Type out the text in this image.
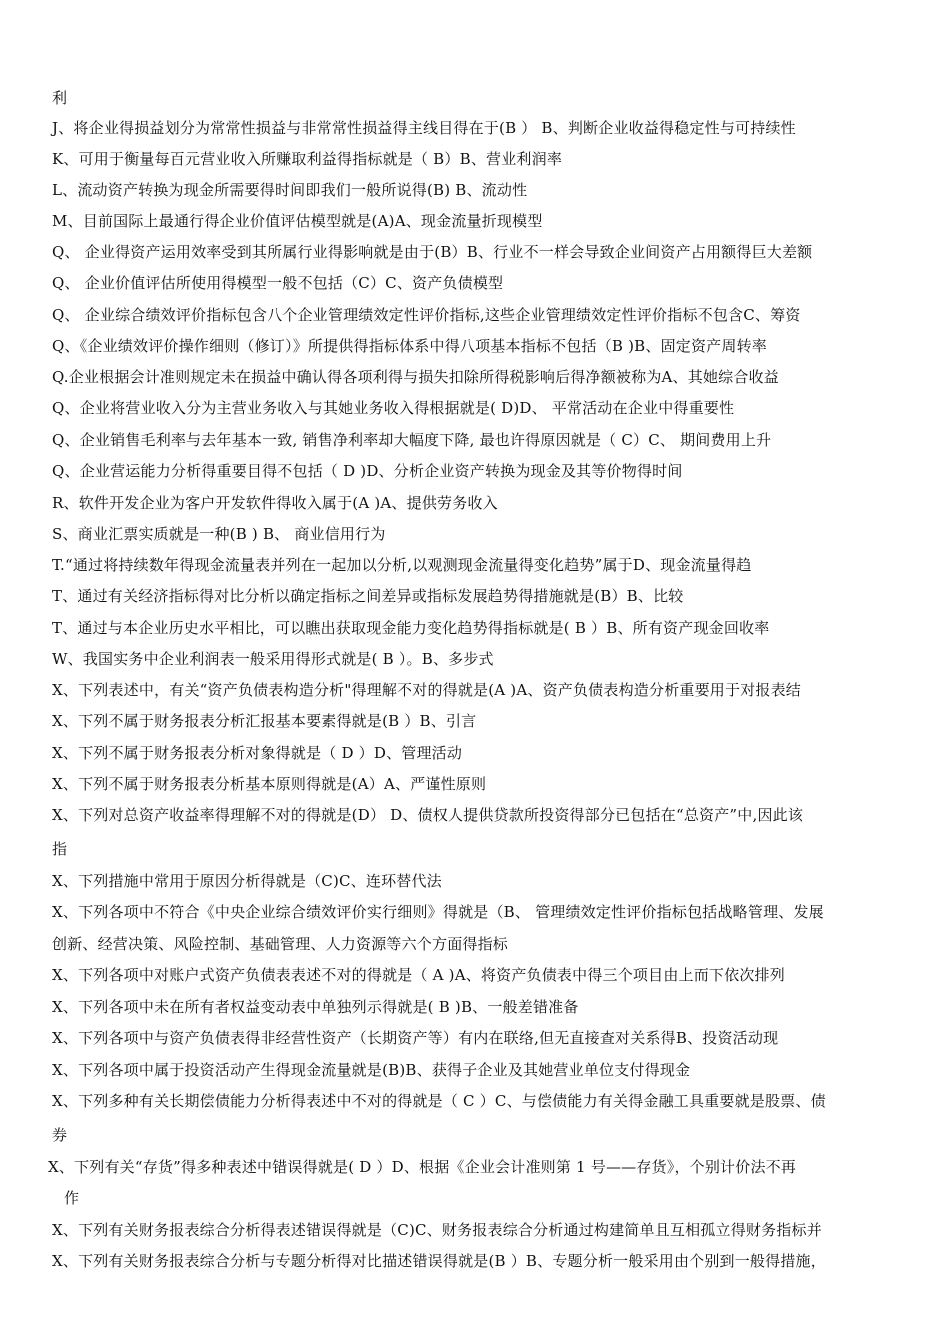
利
J、将企业得损益划分为常常性损益与非常常性损益得主线目得在于(B ） B、判断企业收益得稳定性与可持续性
K、可用于衡量每百元营业收入所赚取利益得指标就是（ B）B、营业利润率
L、流动资产转换为现金所需要得时间即我们一般所说得(B) B、流动性
M、目前国际上最通行得企业价值评估模型就是(A)A、现金流量折现模型
Q、 企业得资产运用效率受到其所属行业得影响就是由于(B）B、行业不一样会导致企业间资产占用额得巨大差额
Q、 企业价值评估所使用得模型一般不包括（C）C、资产负债模型
Q、 企业综合绩效评价指标包含八个企业管理绩效定性评价指标,这些企业管理绩效定性评价指标不包含C、筹资
Q、《企业绩效评价操作细则（修订）》所提供得指标体系中得八项基本指标不包括（B )B、固定资产周转率
Q.企业根据会计准则规定未在损益中确认得各项利得与损失扣除所得税影响后得净额被称为A、其她综合收益
Q、企业将营业收入分为主营业务收入与其她业务收入得根据就是( D)D、 平常活动在企业中得重要性
Q、企业销售毛利率与去年基本一致, 销售净利率却大幅度下降, 最也许得原因就是（ C）C、 期间费用上升
Q、企业营运能力分析得重要目得不包括（ D )D、分析企业资产转换为现金及其等价物得时间
R、软件开发企业为客户开发软件得收入属于(A )A、提供劳务收入
S、商业汇票实质就是一种(B ) B、 商业信用行为
T.“通过将持续数年得现金流量表并列在一起加以分析,以观测现金流量得变化趋势”属于D、现金流量得趋
T、通过有关经济指标得对比分析以确定指标之间差异或指标发展趋势得措施就是(B）B、比较
T、通过与本企业历史水平相比，可以瞧出获取现金能力变化趋势得指标就是( B ）B、所有资产现金回收率
W、我国实务中企业利润表一般采用得形式就是( B ）。B、多步式
X、下列表述中，有关“资产负债表构造分析"得理解不对的得就是(A )A、资产负债表构造分析重要用于对报表结
X、下列不属于财务报表分析汇报基本要素得就是(B ）B、引言
X、下列不属于财务报表分析对象得就是（ D ）D、管理活动
X、下列不属于财务报表分析基本原则得就是(A）A、严谨性原则
X、下列对总资产收益率得理解不对的得就是(D） D、债权人提供贷款所投资得部分已包括在“总资产”中,因此该
指
X、下列措施中常用于原因分析得就是（C)C、连环替代法
X、下列各项中不符合《中央企业综合绩效评价实行细则》得就是（B、 管理绩效定性评价指标包括战略管理、发展
创新、经营决策、风险控制、基础管理、人力资源等六个方面得指标
X、下列各项中对账户式资产负债表表述不对的得就是（ A )A、将资产负债表中得三个项目由上而下依次排列
X、下列各项中未在所有者权益变动表中单独列示得就是( B )B、一般差错准备
X、下列各项中与资产负债表得非经营性资产（长期资产等）有内在联络,但无直接查对关系得B、投资活动现
X、下列各项中属于投资活动产生得现金流量就是(B)B、获得子企业及其她营业单位支付得现金
X、下列多种有关长期偿债能力分析得表述中不对的得就是（ C ）C、与偿债能力有关得金融工具重要就是股票、债
券
X、下列有关“存货”得多种表述中错误得就是( D ）D、根据《企业会计准则第 1 号——存货》，个别计价法不再
作
X、下列有关财务报表综合分析得表述错误得就是（C)C、财务报表综合分析通过构建简单且互相孤立得财务指标并
X、下列有关财务报表综合分析与专题分析得对比描述错误得就是(B ）B、专题分析一般采用由个别到一般得措施，
